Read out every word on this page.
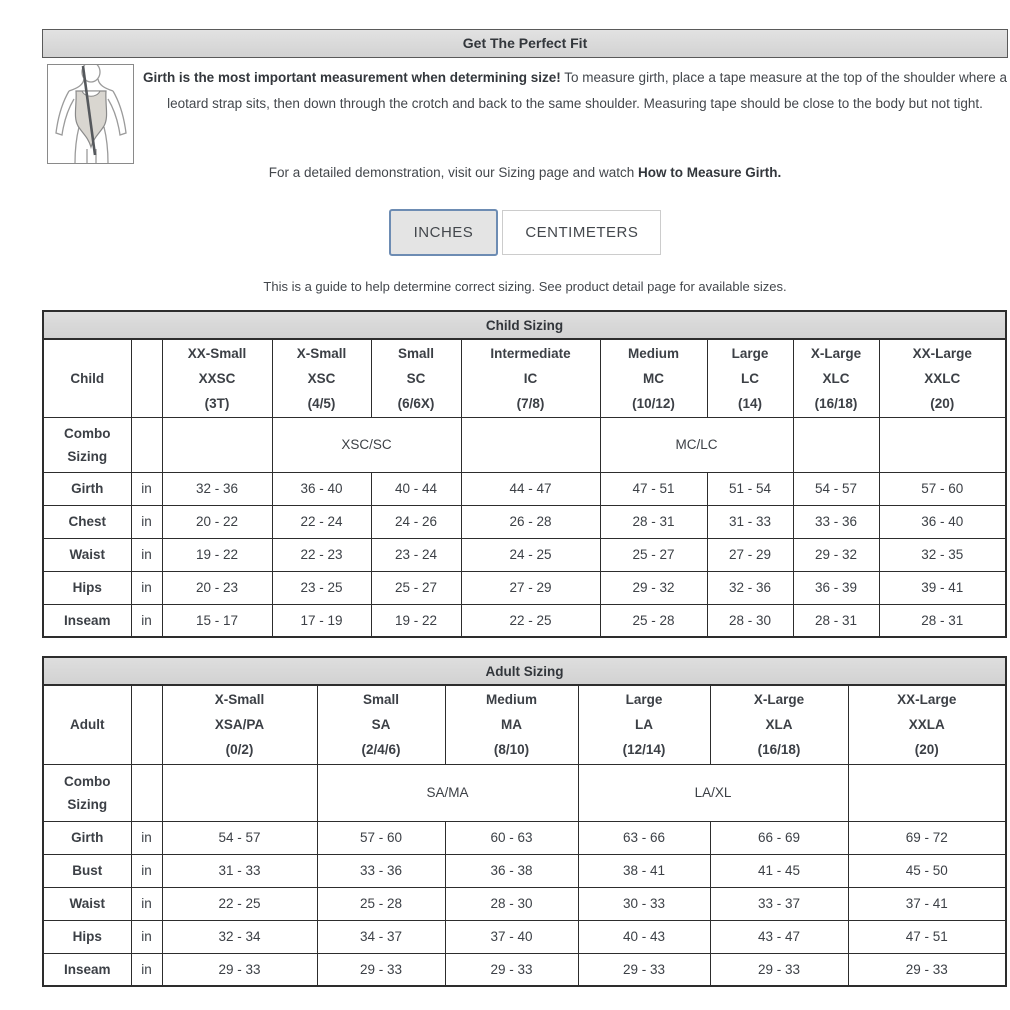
Get The Perfect Fit
Girth is the most important measurement when determining size! To measure girth, place a tape measure at the top of the shoulder where a leotard strap sits, then down through the crotch and back to the same shoulder. Measuring tape should be close to the body but not tight.
For a detailed demonstration, visit our Sizing page and watch How to Measure Girth.
INCHES	CENTIMETERS
This is a guide to help determine correct sizing. See product detail page for available sizes.
Child Sizing									
Child		XX-Small
XXSC
(3T)	X-Small
XSC
(4/5)	Small
SC
(6/6X)	Intermediate
IC
(7/8)	Medium
MC
(10/12)	Large
LC
(14)	X-Large
XLC
(16/18)	XX-Large
XXLC
(20)
Combo
Sizing			XSC/SC			MC/LC			
Girth	in	32 - 36	36 - 40	40 - 44	44 - 47	47 - 51	51 - 54	54 - 57	57 - 60
Chest	in	20 - 22	22 - 24	24 - 26	26 - 28	28 - 31	31 - 33	33 - 36	36 - 40
Waist	in	19 - 22	22 - 23	23 - 24	24 - 25	25 - 27	27 - 29	29 - 32	32 - 35
Hips	in	20 - 23	23 - 25	25 - 27	27 - 29	29 - 32	32 - 36	36 - 39	39 - 41
Inseam	in	15 - 17	17 - 19	19 - 22	22 - 25	25 - 28	28 - 30	28 - 31	28 - 31
Adult Sizing							
Adult		X-Small
XSA/PA
(0/2)	Small
SA
(2/4/6)	Medium
MA
(8/10)	Large
LA
(12/14)	X-Large
XLA
(16/18)	XX-Large
XXLA
(20)
Combo
Sizing			SA/MA		LA/XL		
Girth	in	54 - 57	57 - 60	60 - 63	63 - 66	66 - 69	69 - 72
Bust	in	31 - 33	33 - 36	36 - 38	38 - 41	41 - 45	45 - 50
Waist	in	22 - 25	25 - 28	28 - 30	30 - 33	33 - 37	37 - 41
Hips	in	32 - 34	34 - 37	37 - 40	40 - 43	43 - 47	47 - 51
Inseam	in	29 - 33	29 - 33	29 - 33	29 - 33	29 - 33	29 - 33
